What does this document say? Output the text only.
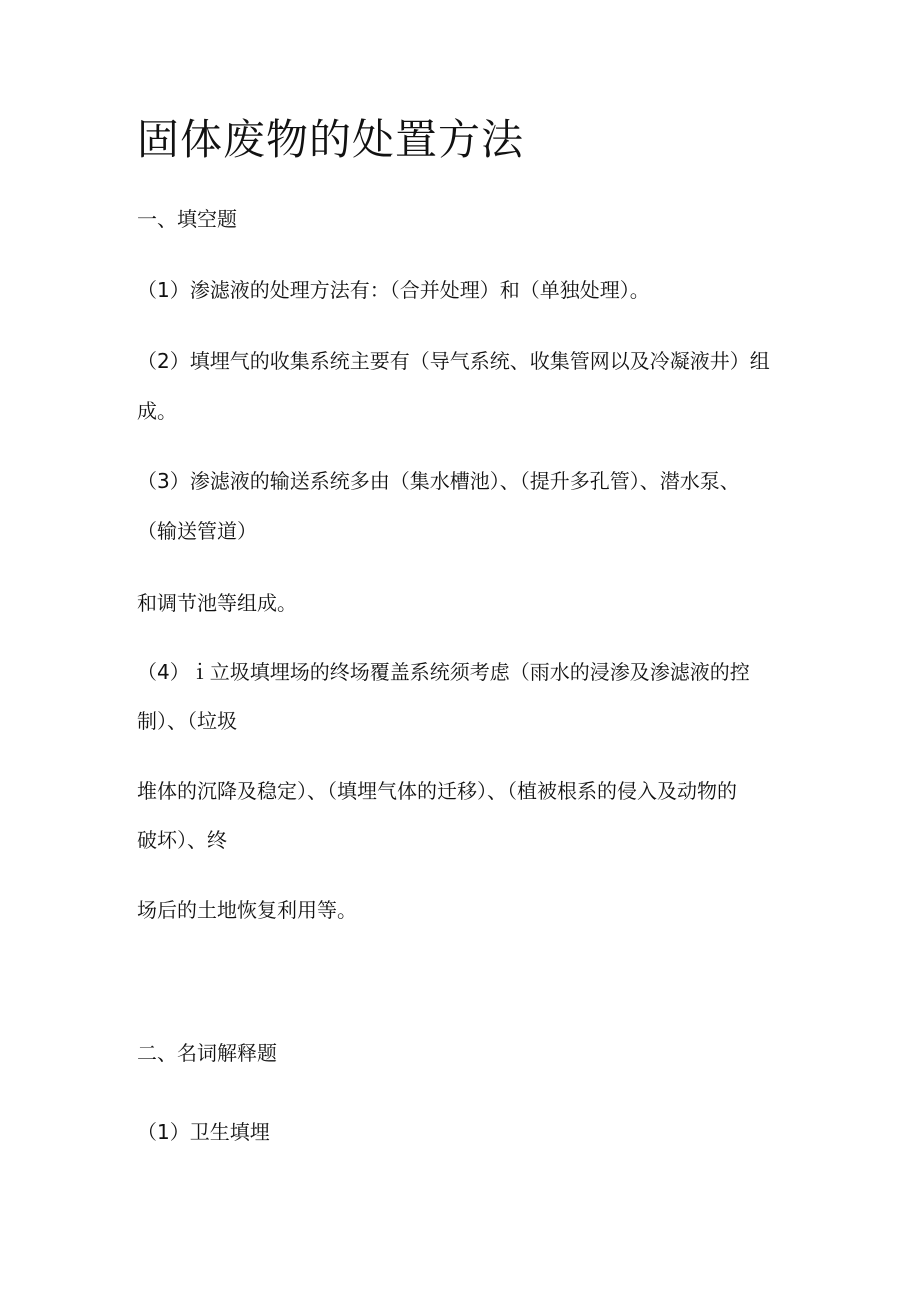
固体废物的处置方法
一、填空题
（1）渗滤液的处理方法有：（合并处理）和（单独处理）。
（2）填埋气的收集系统主要有（导气系统、收集管网以及冷凝液井）组
成。
（3）渗滤液的输送系统多由（集水槽池）、（提升多孔管）、潜水泵、
（输送管道）
和调节池等组成。
（4）ｉ立圾填埋场的终场覆盖系统须考虑（雨水的浸渗及渗滤液的控
制）、（垃圾
堆体的沉降及稳定）、（填埋气体的迁移）、（植被根系的侵入及动物的
破坏）、终
场后的土地恢复利用等。
二、名词解释题
（1）卫生填埋
